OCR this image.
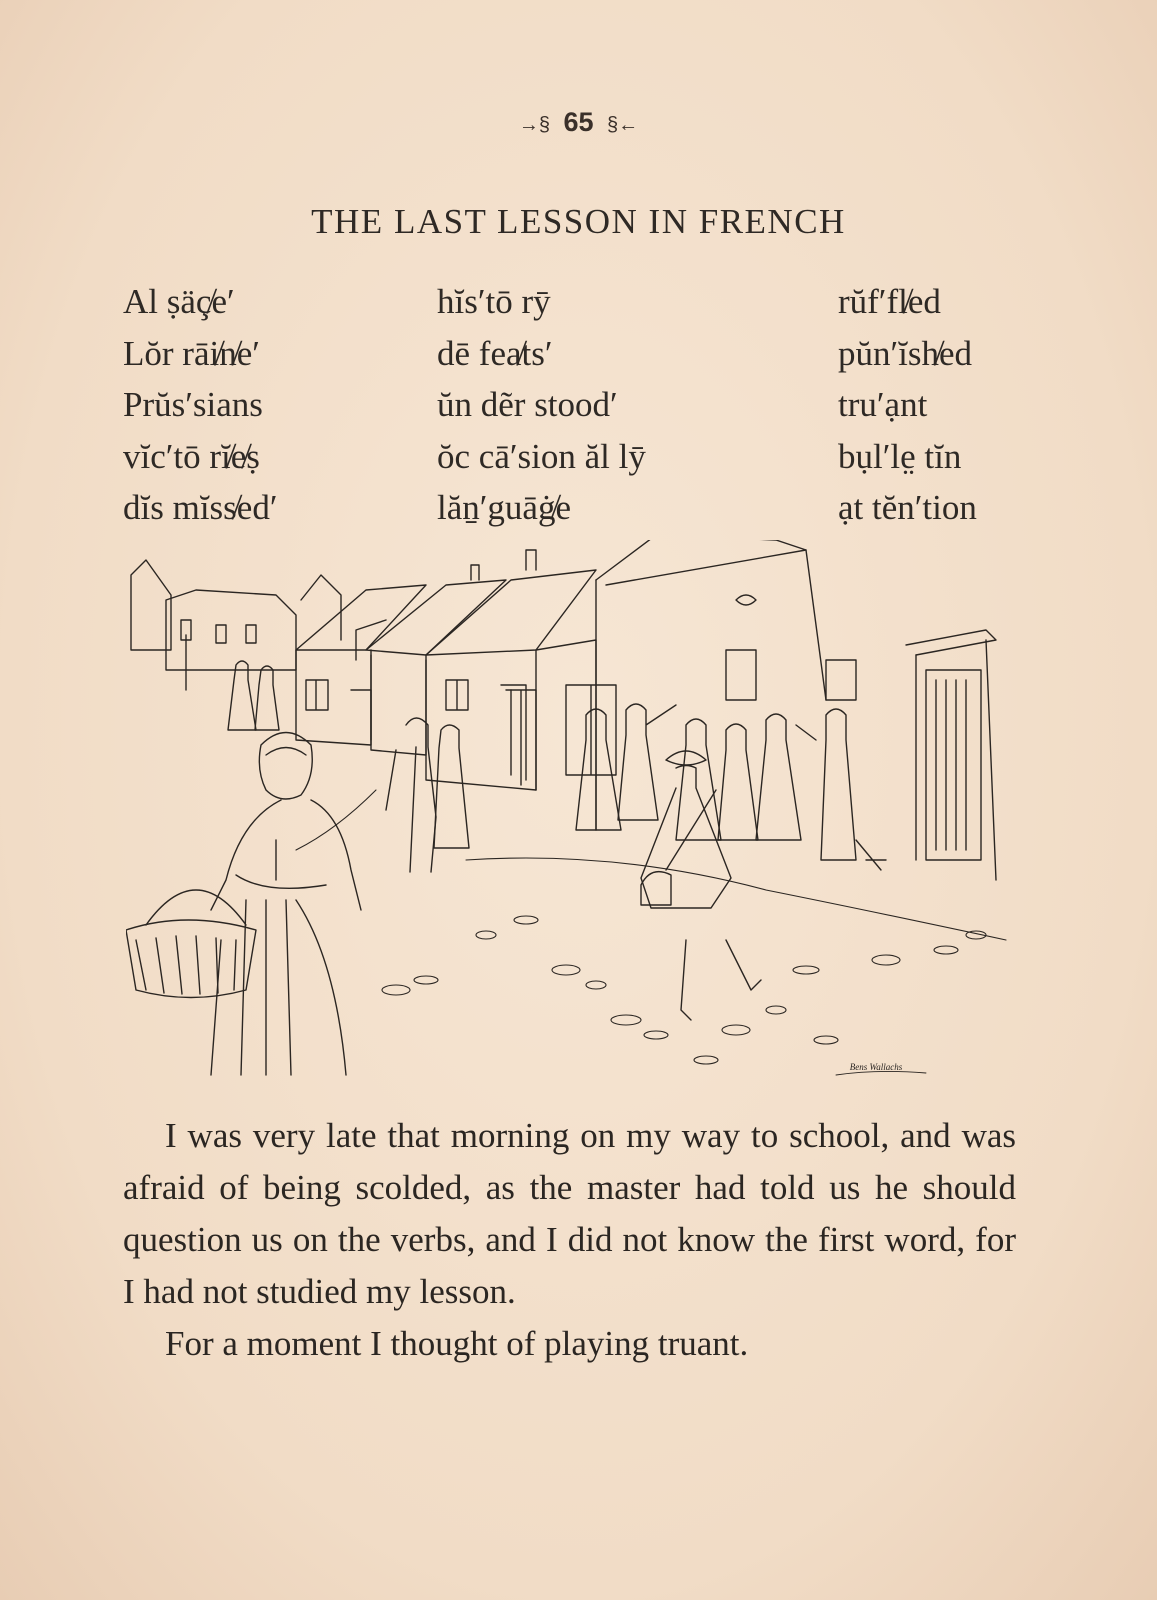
→§ 65 §←
THE LAST LESSON IN FRENCH
Al ṣäç̸e′
Lŏr rāi̸n̸e′
Prŭs′sians
vĭc′tō rĭ̸e̸ṣ
dĭs mĭss̸ed′
hĭs′tō rȳ
dē fea̸ts′
ŭn dẽr stood′
ŏc cā′sion ăl lȳ
lăṉ′guāġ̸e
rŭf′fl̸ed
pŭn′ĭsh̸ed
tru′ạnt
bụl′le̤ tĭn
ạt tĕn′tion
Bens Wallachs

I was very late that morning on my way to school, and was afraid of being scolded, as the master had told us he should question us on the verbs, and I did not know the first word, for I had not studied my lesson.

For a moment I thought of playing truant.
